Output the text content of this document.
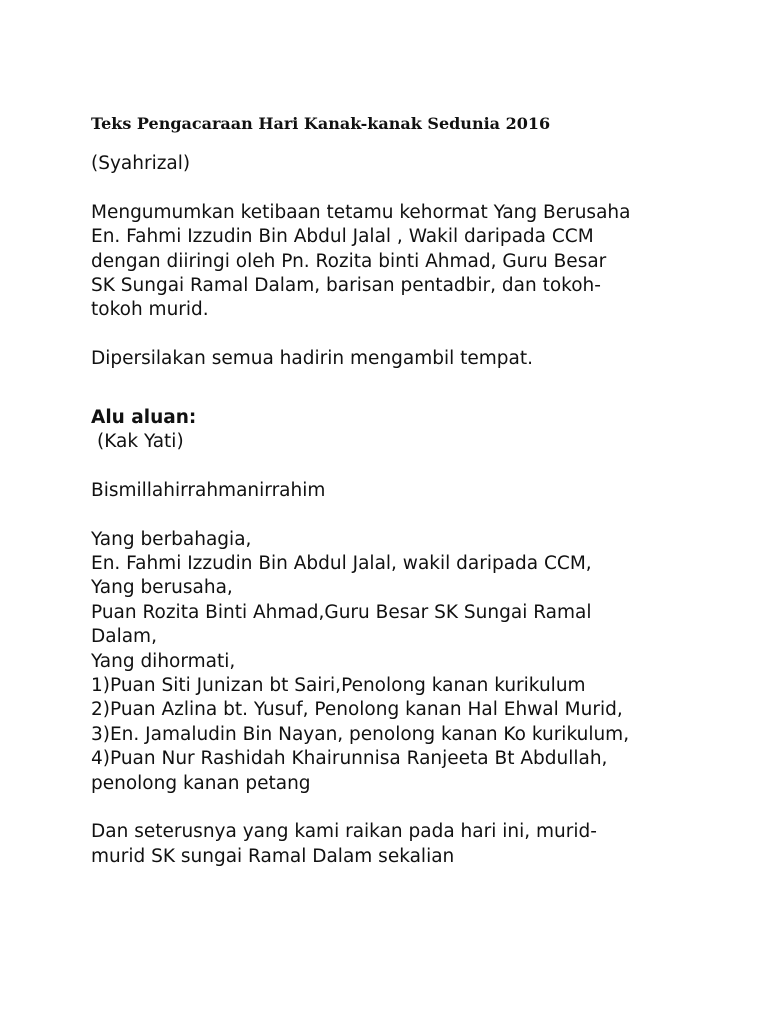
Teks Pengacaraan Hari Kanak-kanak Sedunia 2016
(Syahrizal)
Mengumumkan ketibaan tetamu kehormat Yang Berusaha
En. Fahmi Izzudin Bin Abdul Jalal , Wakil daripada CCM
dengan diiringi oleh Pn. Rozita binti Ahmad, Guru Besar
SK Sungai Ramal Dalam, barisan pentadbir, dan tokoh-
tokoh murid.
Dipersilakan semua hadirin mengambil tempat.
Alu aluan:
(Kak Yati)
Bismillahirrahmanirrahim
Yang berbahagia,
En. Fahmi Izzudin Bin Abdul Jalal, wakil daripada CCM,
Yang berusaha,
Puan Rozita Binti Ahmad,Guru Besar SK Sungai Ramal
Dalam,
Yang dihormati,
1)Puan Siti Junizan bt Sairi,Penolong kanan kurikulum
2)Puan Azlina bt. Yusuf, Penolong kanan Hal Ehwal Murid,
3)En. Jamaludin Bin Nayan, penolong kanan Ko kurikulum,
4)Puan Nur Rashidah Khairunnisa Ranjeeta Bt Abdullah,
penolong kanan petang
Dan seterusnya yang kami raikan pada hari ini, murid-
murid SK sungai Ramal Dalam sekalian
